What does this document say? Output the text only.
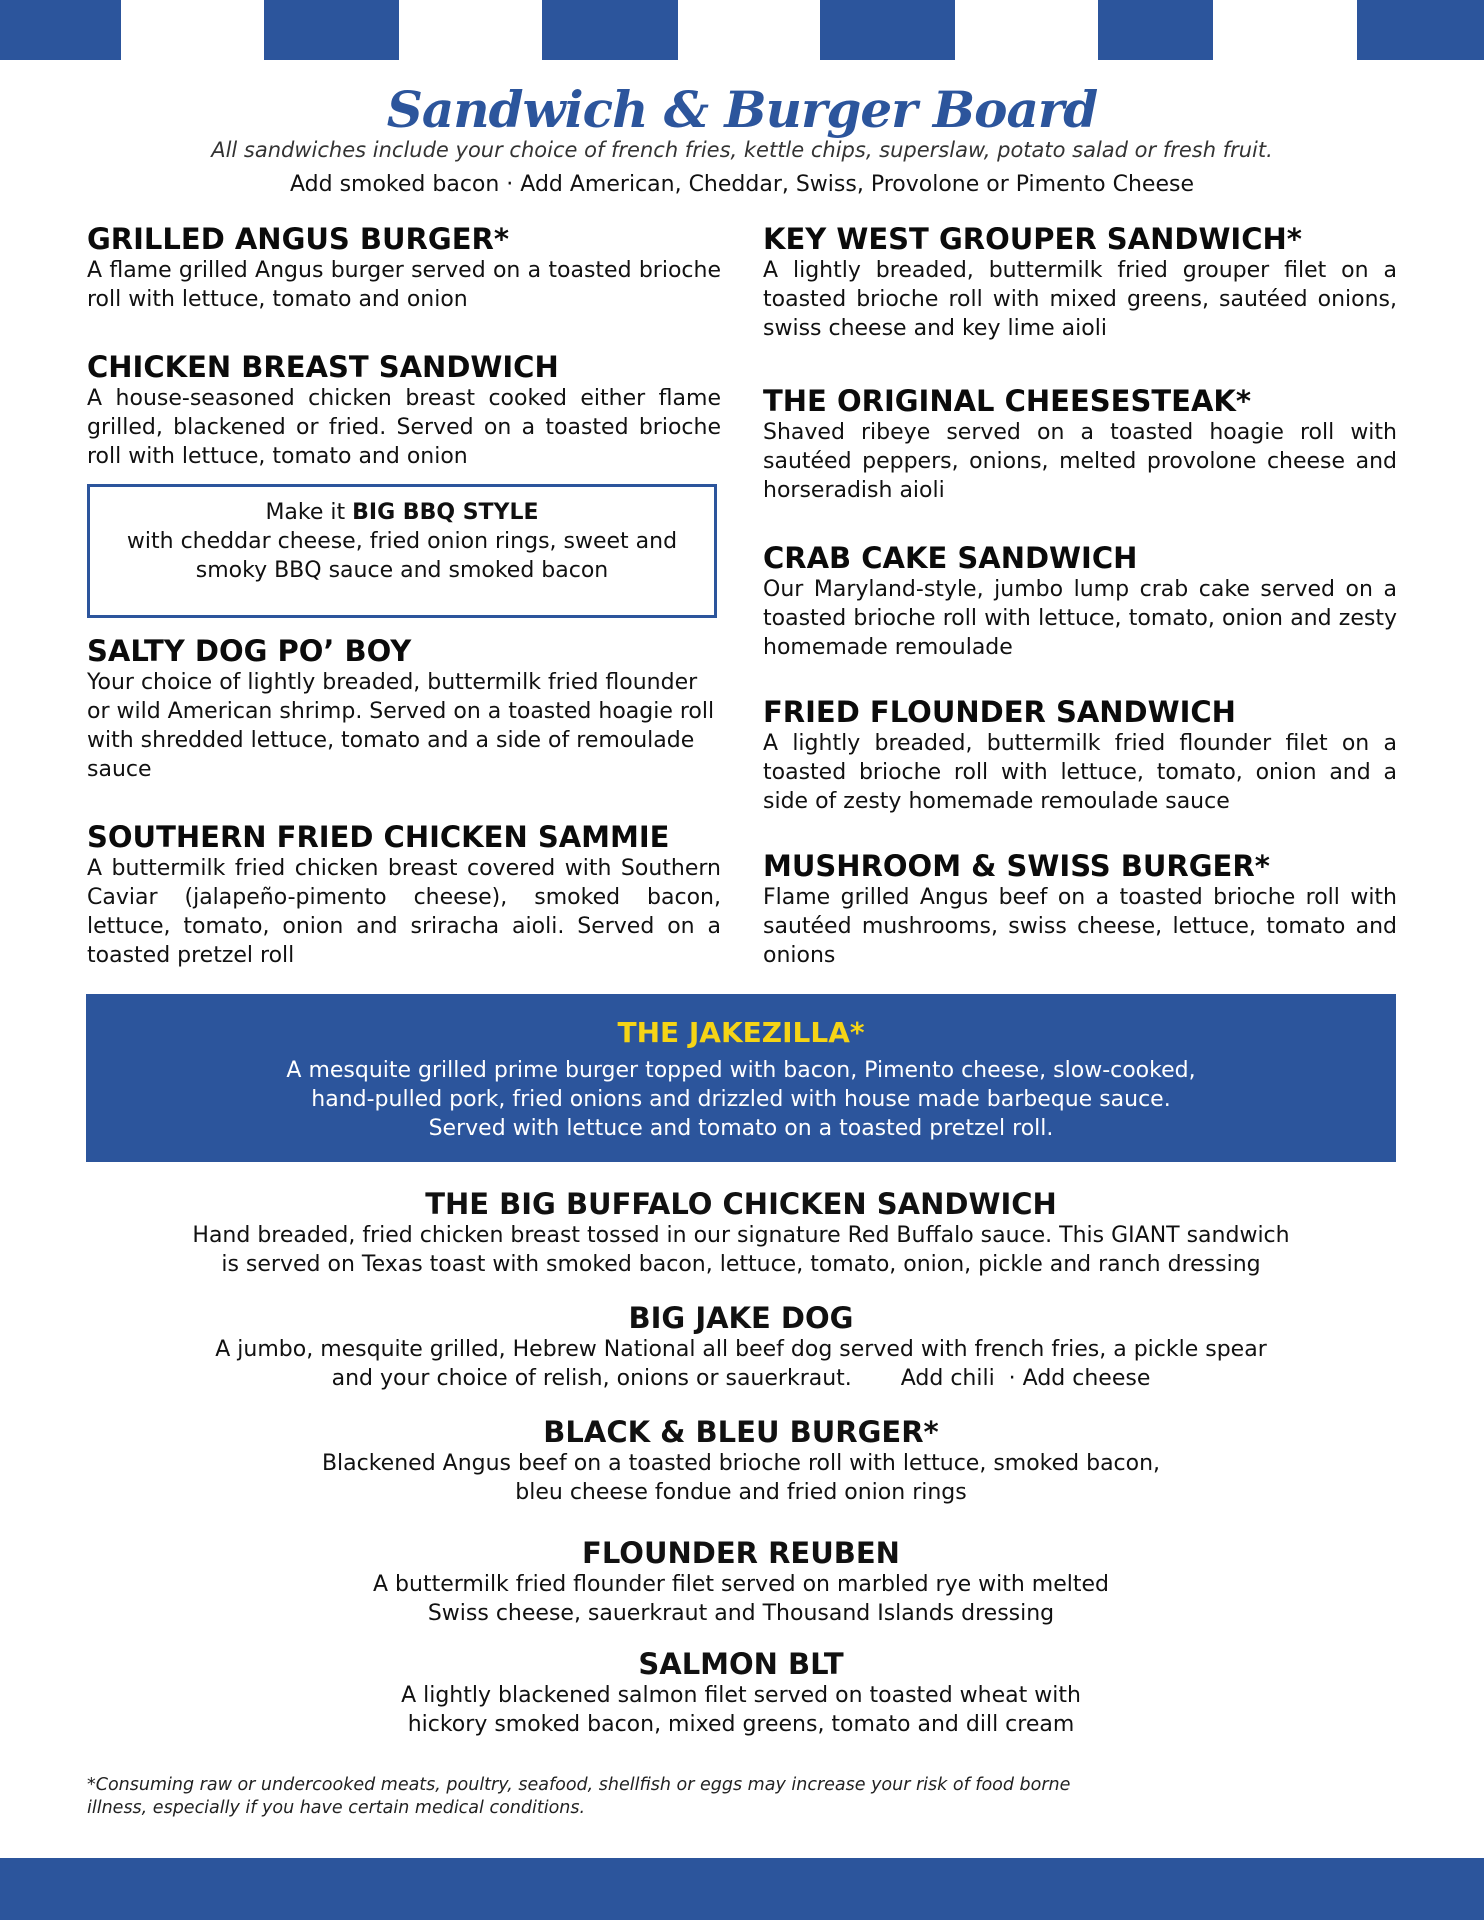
Sandwich & Burger Board
All sandwiches include your choice of french fries, kettle chips, superslaw, potato salad or fresh fruit.
Add smoked bacon · Add American, Cheddar, Swiss, Provolone or Pimento Cheese
GRILLED ANGUS BURGER*

A flame grilled Angus burger served on a toasted brioche roll with lettuce, tomato and onion

CHICKEN BREAST SANDWICH

A house-seasoned chicken breast cooked either flame grilled, blackened or fried. Served on a toasted brioche roll with lettuce, tomato and onion

Make it BIG BBQ STYLE
with cheddar cheese, fried onion rings, sweet and
smoky BBQ sauce and smoked bacon
SALTY DOG PO’ BOY

Your choice of lightly breaded, buttermilk fried flounder or wild American shrimp. Served on a toasted hoagie roll with shredded lettuce, tomato and a side of remoulade sauce

SOUTHERN FRIED CHICKEN SAMMIE

A buttermilk fried chicken breast covered with Southern Caviar (jalapeño-pimento cheese), smoked bacon, lettuce, tomato, onion and sriracha aioli. Served on a toasted pretzel roll

KEY WEST GROUPER SANDWICH*

A lightly breaded, buttermilk fried grouper filet on a toasted brioche roll with mixed greens, sautéed onions, swiss cheese and key lime aioli

THE ORIGINAL CHEESESTEAK*

Shaved ribeye served on a toasted hoagie roll with sautéed peppers, onions, melted provolone cheese and horseradish aioli

CRAB CAKE SANDWICH

Our Maryland-style, jumbo lump crab cake served on a toasted brioche roll with lettuce, tomato, onion and zesty homemade remoulade

FRIED FLOUNDER SANDWICH

A lightly breaded, buttermilk fried flounder filet on a toasted brioche roll with lettuce, tomato, onion and a side of zesty homemade remoulade sauce

MUSHROOM & SWISS BURGER*

Flame grilled Angus beef on a toasted brioche roll with sautéed mushrooms, swiss cheese, lettuce, tomato and onions

THE JAKEZILLA*

A mesquite grilled prime burger topped with bacon, Pimento cheese, slow-cooked,

hand-pulled pork, fried onions and drizzled with house made barbeque sauce.

Served with lettuce and tomato on a toasted pretzel roll.

THE BIG BUFFALO CHICKEN SANDWICH

Hand breaded, fried chicken breast tossed in our signature Red Buffalo sauce. This GIANT sandwich

is served on Texas toast with smoked bacon, lettuce, tomato, onion, pickle and ranch dressing

BIG JAKE DOG

A jumbo, mesquite grilled, Hebrew National all beef dog served with french fries, a pickle spear

and your choice of relish, onions or sauerkraut.       Add chili  · Add cheese

BLACK & BLEU BURGER*

Blackened Angus beef on a toasted brioche roll with lettuce, smoked bacon,

bleu cheese fondue and fried onion rings

FLOUNDER REUBEN

A buttermilk fried flounder filet served on marbled rye with melted

Swiss cheese, sauerkraut and Thousand Islands dressing

SALMON BLT

A lightly blackened salmon filet served on toasted wheat with

hickory smoked bacon, mixed greens, tomato and dill cream

*Consuming raw or undercooked meats, poultry, seafood, shellfish or eggs may increase your risk of food borne
illness, especially if you have certain medical conditions.
